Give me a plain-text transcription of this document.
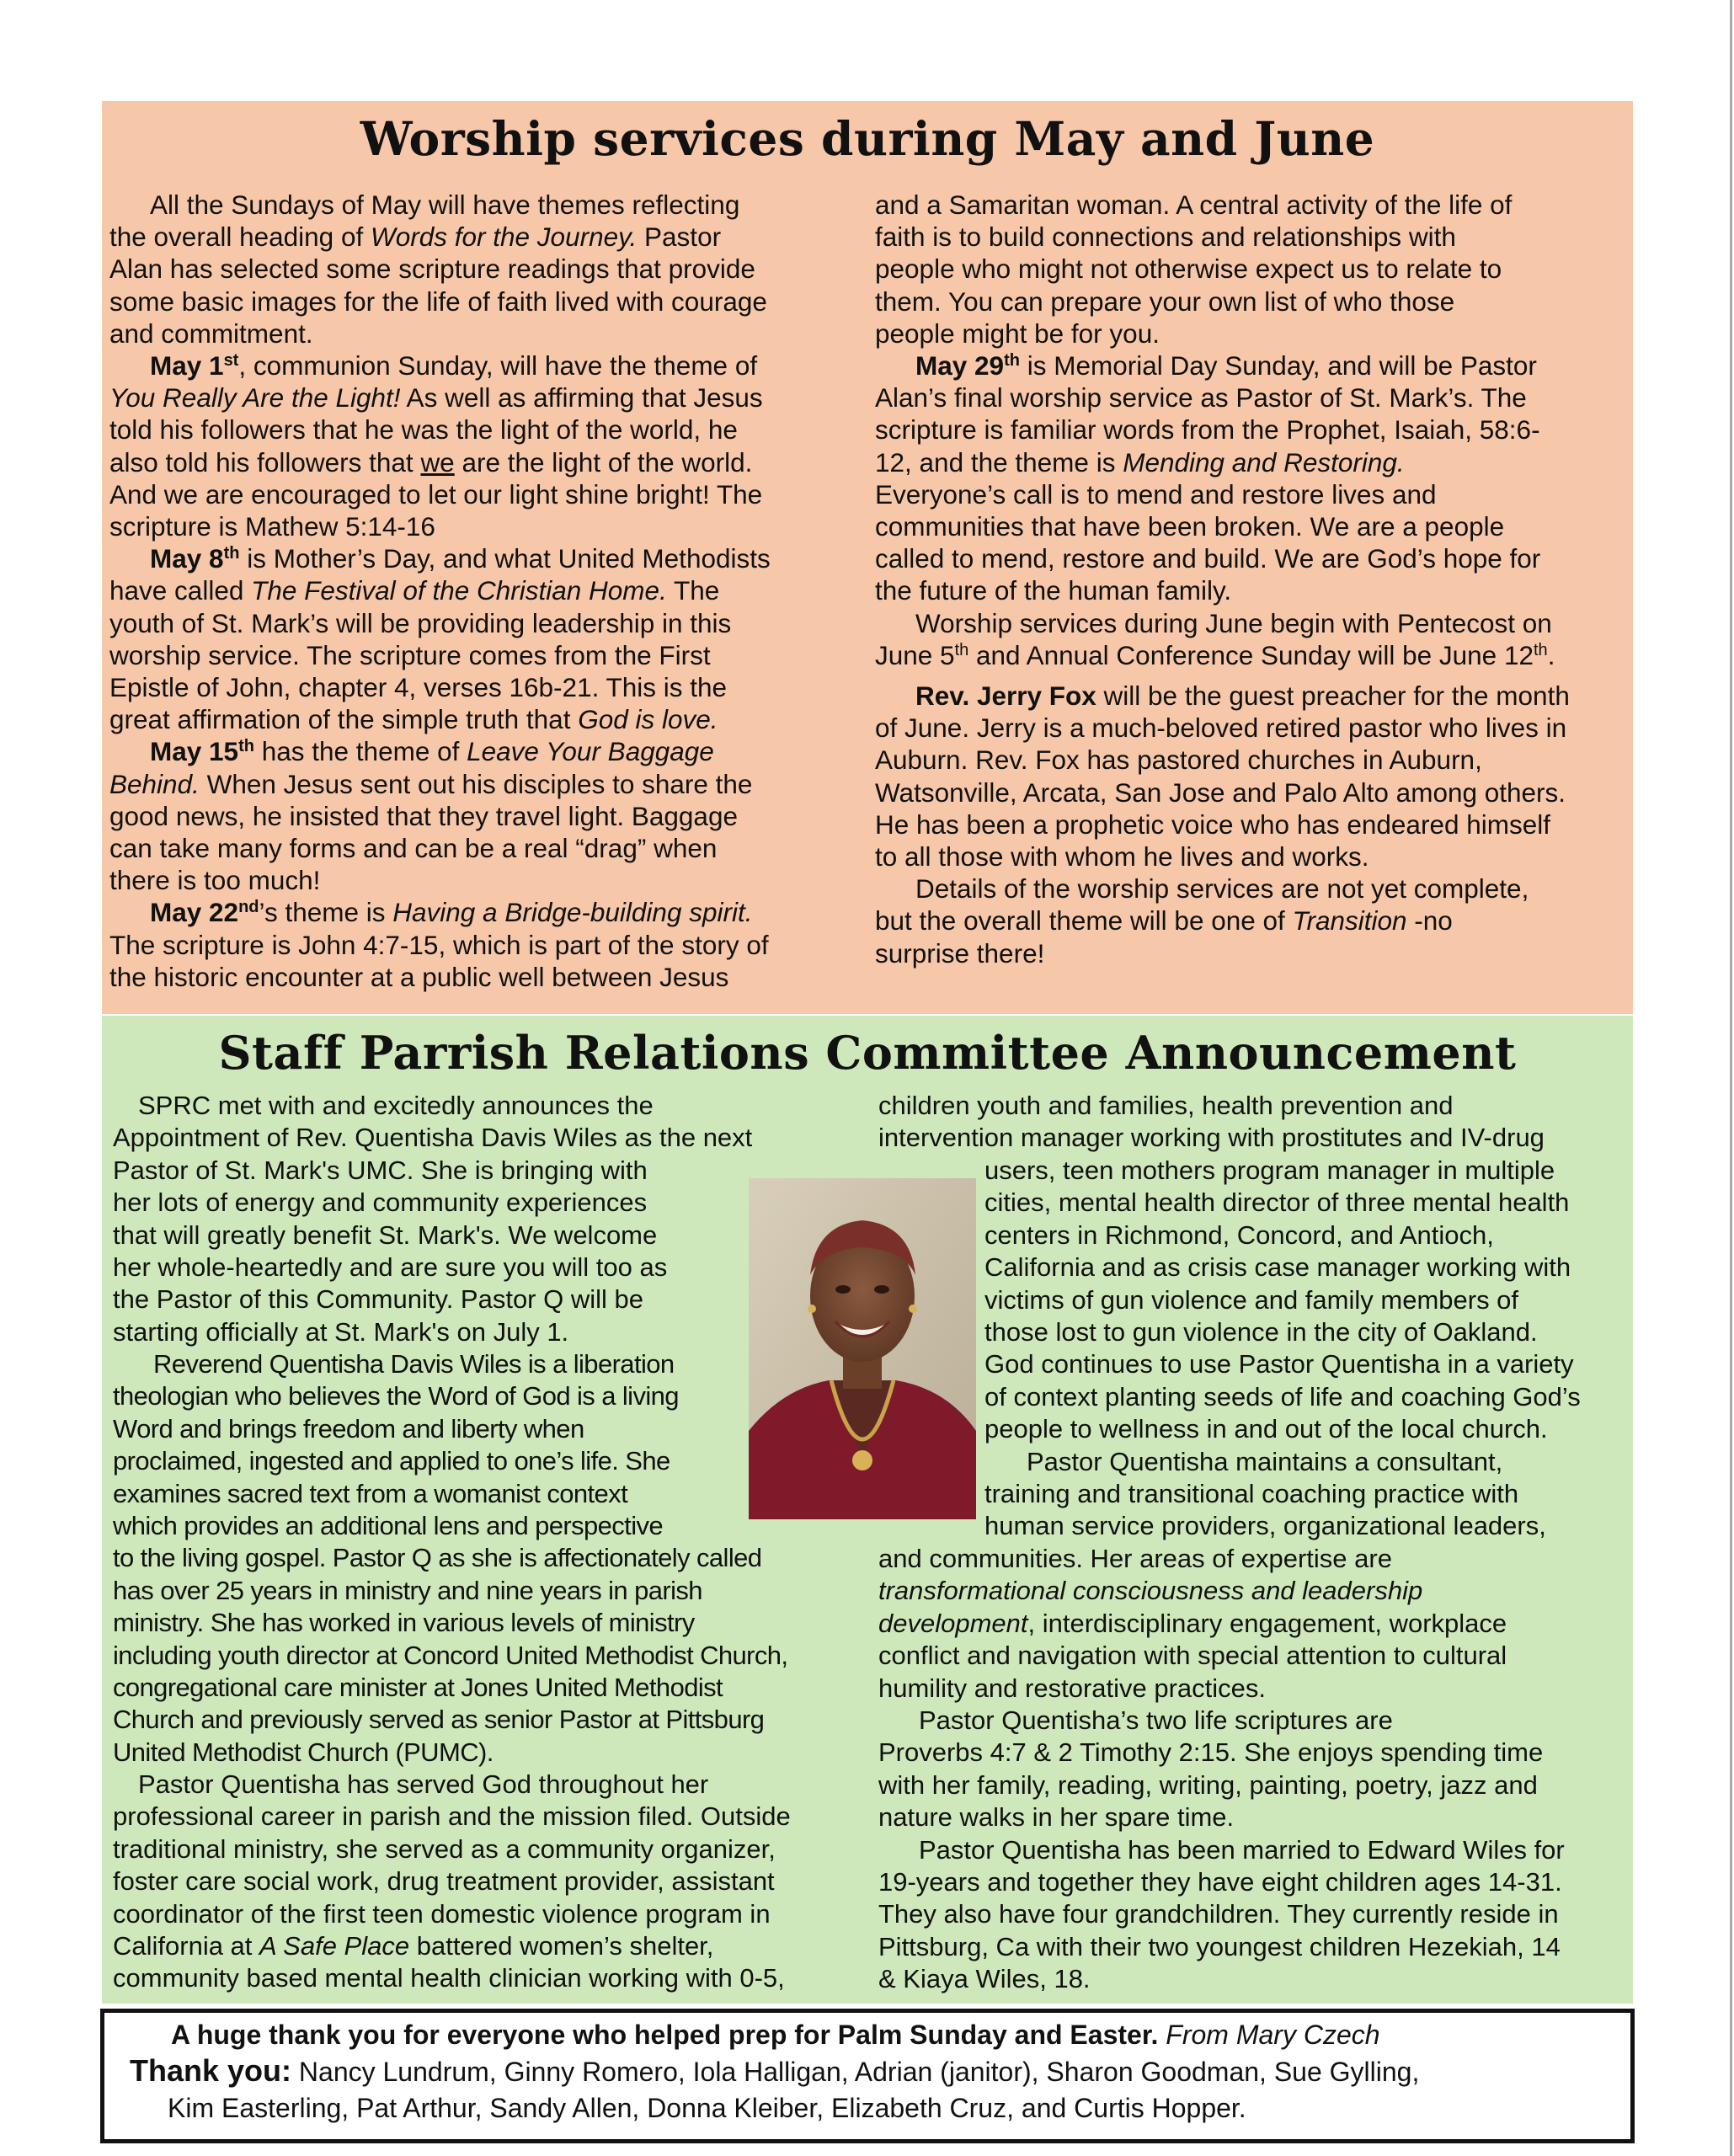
Worship services during May and June

All the Sundays of May will have themes reflecting

the overall heading of Words for the Journey. Pastor

Alan has selected some scripture readings that provide

some basic images for the life of faith lived with courage

and commitment.

May 1st, communion Sunday, will have the theme of

You Really Are the Light! As well as affirming that Jesus

told his followers that he was the light of the world, he

also told his followers that we are the light of the world.

And we are encouraged to let our light shine bright! The

scripture is Mathew 5:14-16

May 8th is Mother’s Day, and what United Methodists

have called The Festival of the Christian Home. The

youth of St. Mark’s will be providing leadership in this

worship service. The scripture comes from the First

Epistle of John, chapter 4, verses 16b-21. This is the

great affirmation of the simple truth that God is love.

May 15th has the theme of Leave Your Baggage

Behind. When Jesus sent out his disciples to share the

good news, he insisted that they travel light. Baggage

can take many forms and can be a real “drag” when

there is too much!

May 22nd’s theme is Having a Bridge-building spirit.

The scripture is John 4:7-15, which is part of the story of

the historic encounter at a public well between Jesus

and a Samaritan woman. A central activity of the life of

faith is to build connections and relationships with

people who might not otherwise expect us to relate to

them. You can prepare your own list of who those

people might be for you.

May 29th is Memorial Day Sunday, and will be Pastor

Alan’s final worship service as Pastor of St. Mark’s. The

scripture is familiar words from the Prophet, Isaiah, 58:6-

12, and the theme is Mending and Restoring.

Everyone’s call is to mend and restore lives and

communities that have been broken. We are a people

called to mend, restore and build. We are God’s hope for

the future of the human family.

Worship services during June begin with Pentecost on

June 5th and Annual Conference Sunday will be June 12th.

Rev. Jerry Fox will be the guest preacher for the month

of June. Jerry is a much-beloved retired pastor who lives in

Auburn. Rev. Fox has pastored churches in Auburn,

Watsonville, Arcata, San Jose and Palo Alto among others.

He has been a prophetic voice who has endeared himself

to all those with whom he lives and works.

Details of the worship services are not yet complete,

but the overall theme will be one of Transition -no

surprise there!

Staff Parrish Relations Committee Announcement

SPRC met with and excitedly announces the

Appointment of Rev. Quentisha Davis Wiles as the next

Pastor of St. Mark's UMC. She is bringing with

her lots of energy and community experiences

that will greatly benefit St. Mark's. We welcome

her whole-heartedly and are sure you will too as

the Pastor of this Community. Pastor Q will be

starting officially at St. Mark's on July 1.

Reverend Quentisha Davis Wiles is a liberation

theologian who believes the Word of God is a living

Word and brings freedom and liberty when

proclaimed, ingested and applied to one’s life. She

examines sacred text from a womanist context

which provides an additional lens and perspective

to the living gospel. Pastor Q as she is affectionately called

has over 25 years in ministry and nine years in parish

ministry. She has worked in various levels of ministry

including youth director at Concord United Methodist Church,

congregational care minister at Jones United Methodist

Church and previously served as senior Pastor at Pittsburg

United Methodist Church (PUMC).

Pastor Quentisha has served God throughout her

professional career in parish and the mission filed. Outside

traditional ministry, she served as a community organizer,

foster care social work, drug treatment provider, assistant

coordinator of the first teen domestic violence program in

California at A Safe Place battered women’s shelter,

community based mental health clinician working with 0-5,

children youth and families, health prevention and

intervention manager working with prostitutes and IV-drug

users, teen mothers program manager in multiple

cities, mental health director of three mental health

centers in Richmond, Concord, and Antioch,

California and as crisis case manager working with

victims of gun violence and family members of

those lost to gun violence in the city of Oakland.

God continues to use Pastor Quentisha in a variety

of context planting seeds of life and coaching God’s

people to wellness in and out of the local church.

Pastor Quentisha maintains a consultant,

training and transitional coaching practice with

human service providers, organizational leaders,

and communities. Her areas of expertise are

transformational consciousness and leadership

development, interdisciplinary engagement, workplace

conflict and navigation with special attention to cultural

humility and restorative practices.

Pastor Quentisha’s two life scriptures are

Proverbs 4:7 & 2 Timothy 2:15. She enjoys spending time

with her family, reading, writing, painting, poetry, jazz and

nature walks in her spare time.

Pastor Quentisha has been married to Edward Wiles for

19-years and together they have eight children ages 14-31.

They also have four grandchildren. They currently reside in

Pittsburg, Ca with their two youngest children Hezekiah, 14

& Kiaya Wiles, 18.

A huge thank you for everyone who helped prep for Palm Sunday and Easter. From Mary Czech
Thank you: Nancy Lundrum, Ginny Romero, Iola Halligan, Adrian (janitor), Sharon Goodman, Sue Gylling,
Kim Easterling, Pat Arthur, Sandy Allen, Donna Kleiber, Elizabeth Cruz, and Curtis Hopper.
